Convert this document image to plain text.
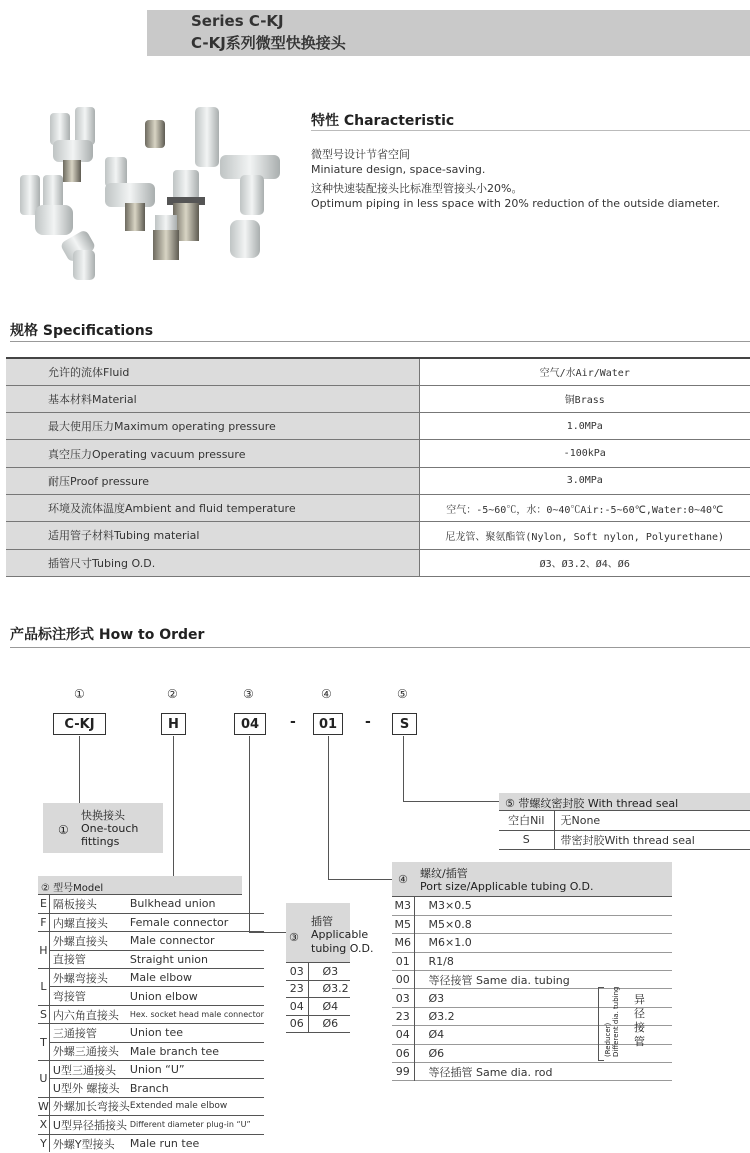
Series C-KJ
C-KJ系列微型快换接头
特性 Characteristic
微型号设计节省空间
Miniature design, space-saving.
这种快速装配接头比标准型管接头小20%。
Optimum piping in less space with 20% reduction of the outside diameter.
规格 Specifications
允许的流体Fluid	空气/水Air/Water
基本材料Material	铜Brass
最大使用压力Maximum operating pressure	1.0MPa
真空压力Operating vacuum pressure	-100kPa
耐压Proof pressure	3.0MPa
环境及流体温度Ambient and fluid temperature	空气：-5~60℃，水：0~40℃Air:-5~60℃,Water:0~40℃
适用管子材料Tubing material	尼龙管、聚氨酯管(Nylon, Soft nylon, Polyurethane)
插管尺寸Tubing O.D.	Ø3、Ø3.2、Ø4、Ø6
产品标注形式 How to Order
①	②	③	④	⑤
C-KJ	H	04	-	01	-	S
①
快换接头
One-touch
fittings
⑤ 带螺纹密封胶 With thread seal
空白Nil	无None
S	带密封胶With thread seal
④ 螺纹/插管
Port size/Applicable tubing O.D.
M3	M3×0.5
M5	M5×0.8
M6	M6×1.0
01	R1/8
00	等径接管 Same dia. tubing
03	Ø3
23	Ø3.2
04	Ø4
06	Ø6
99	等径插管 Same dia. rod
(Reducer) Different dia. tubing 异径接管
③
插管
Applicable
tubing O.D.
03	Ø3
23	Ø3.2
04	Ø4
06	Ø6
② 型号Model
E	隔板接头	Bulkhead union
F	内螺直接头	Female connector
H	外螺直接头	Male connector
	直接管	Straight union
L	外螺弯接头	Male elbow
	弯接管	Union elbow
S	内六角直接头	Hex. socket head male connector
T	三通接管	Union tee
	外螺三通接头	Male branch tee
U	U型三通接头	Union “U”
	U型外 螺接头	Branch
W	外螺加长弯接头	Extended male elbow
X	U型异径插接头	Different diameter plug-in “U”
Y	外螺Y型接头	Male run tee
